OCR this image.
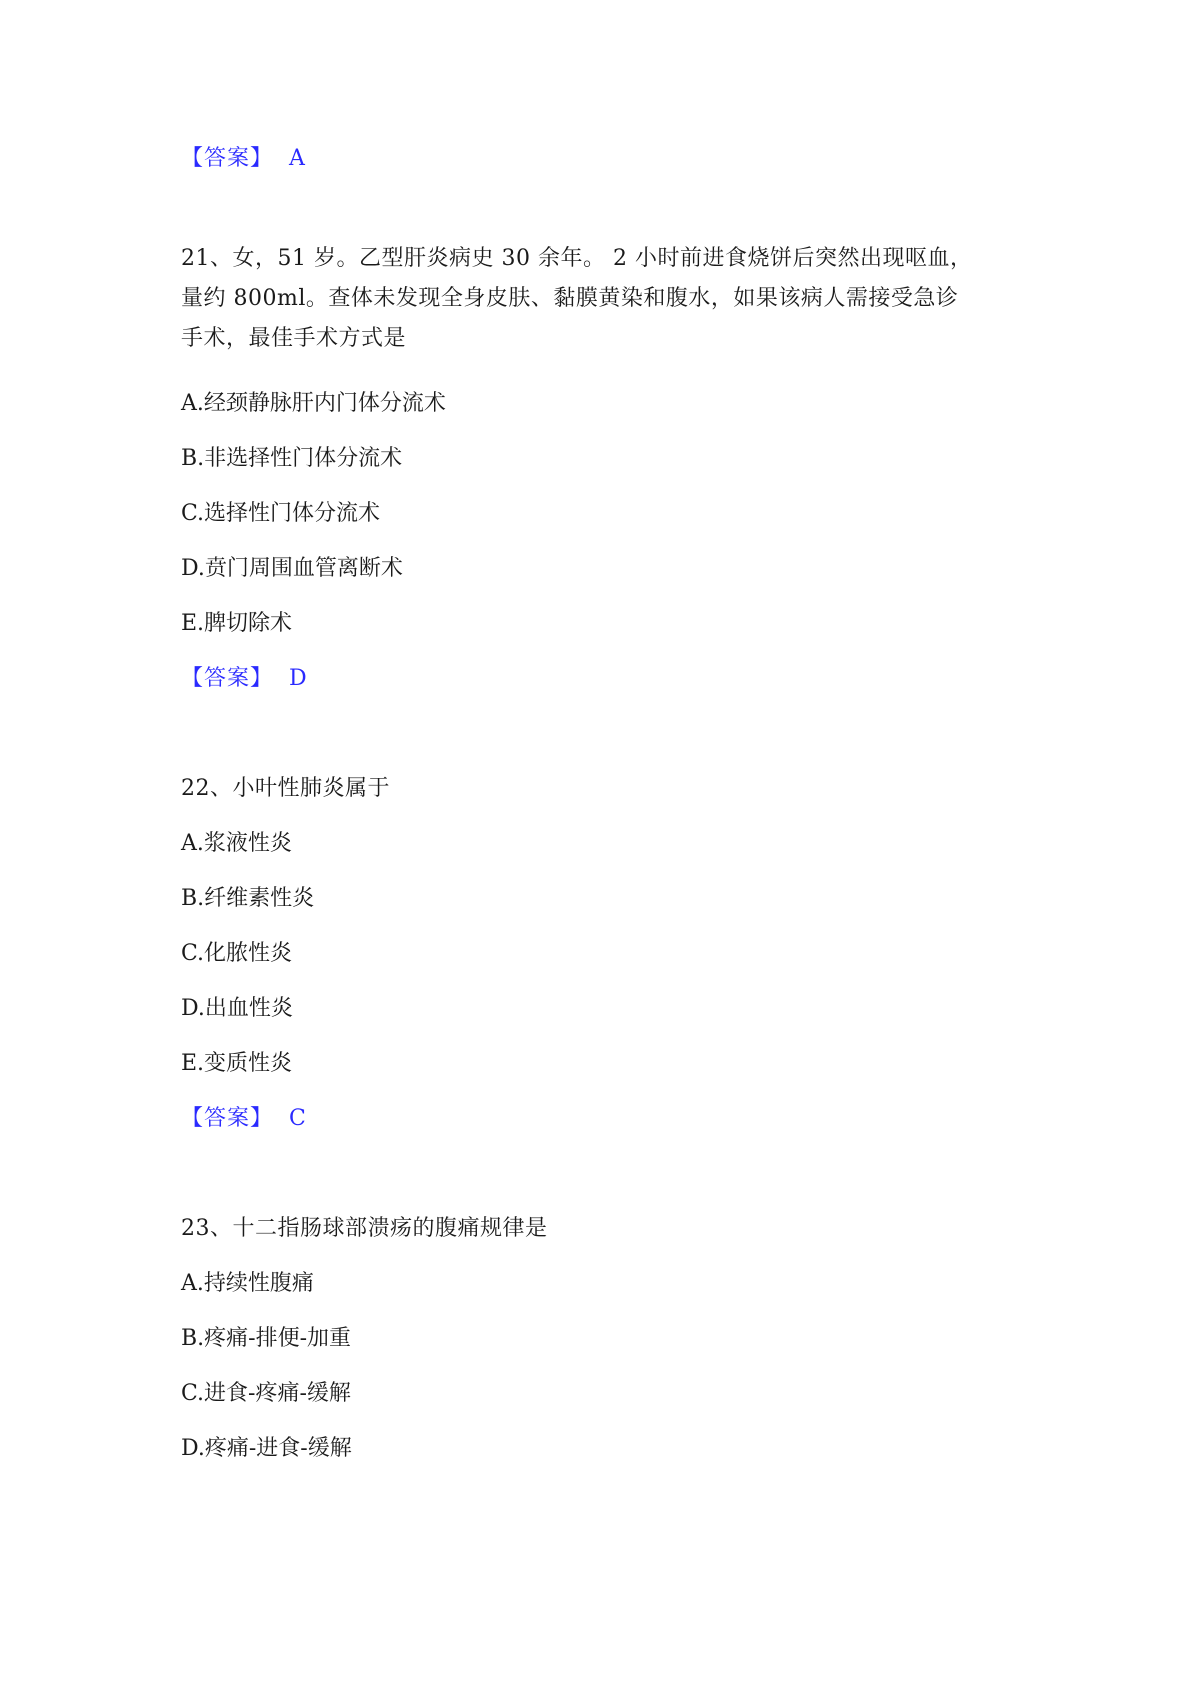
【答案】 A
21、女，51 岁。乙型肝炎病史 30 余年。 2 小时前进食烧饼后突然出现呕血，
量约 800ml。查体未发现全身皮肤、黏膜黄染和腹水，如果该病人需接受急诊
手术，最佳手术方式是
A.经颈静脉肝内门体分流术
B.非选择性门体分流术
C.选择性门体分流术
D.贲门周围血管离断术
E.脾切除术
【答案】 D
22、小叶性肺炎属于
A.浆液性炎
B.纤维素性炎
C.化脓性炎
D.出血性炎
E.变质性炎
【答案】 C
23、十二指肠球部溃疡的腹痛规律是
A.持续性腹痛
B.疼痛-排便-加重
C.进食-疼痛-缓解
D.疼痛-进食-缓解
